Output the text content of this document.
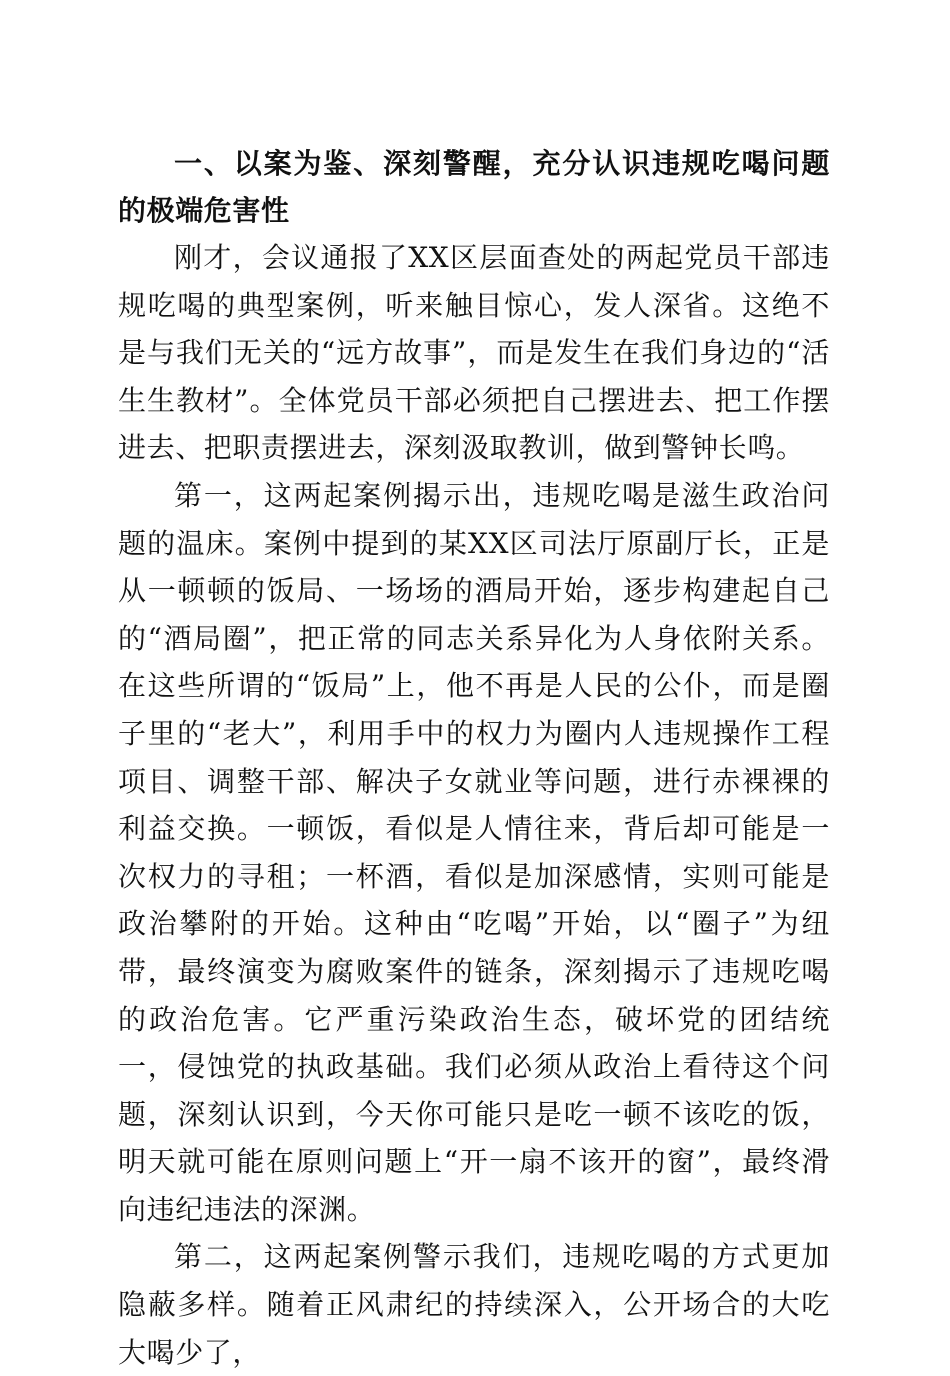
一、以案为鉴、深刻警醒，充分认识违规吃喝问题的极端危害性

刚才，会议通报了XX区层面查处的两起党员干部违规吃喝的典型案例，听来触目惊心，发人深省。这绝不是与我们无关的“远方故事”，而是发生在我们身边的“活生生教材”。全体党员干部必须把自己摆进去、把工作摆进去、把职责摆进去，深刻汲取教训，做到警钟长鸣。

第一，这两起案例揭示出，违规吃喝是滋生政治问题的温床。案例中提到的某XX区司法厅原副厅长，正是从一顿顿的饭局、一场场的酒局开始，逐步构建起自己的“酒局圈”，把正常的同志关系异化为人身依附关系。在这些所谓的“饭局”上，他不再是人民的公仆，而是圈子里的“老大”，利用手中的权力为圈内人违规操作工程项目、调整干部、解决子女就业等问题，进行赤裸裸的利益交换。一顿饭，看似是人情往来，背后却可能是一次权力的寻租；一杯酒，看似是加深感情，实则可能是政治攀附的开始。这种由“吃喝”开始，以“圈子”为纽带，最终演变为腐败案件的链条，深刻揭示了违规吃喝的政治危害。它严重污染政治生态，破坏党的团结统一，侵蚀党的执政基础。我们必须从政治上看待这个问题，深刻认识到，今天你可能只是吃一顿不该吃的饭，明天就可能在原则问题上“开一扇不该开的窗”，最终滑向违纪违法的深渊。

第二，这两起案例警示我们，违规吃喝的方式更加隐蔽多样。随着正风肃纪的持续深入，公开场合的大吃大喝少了，
